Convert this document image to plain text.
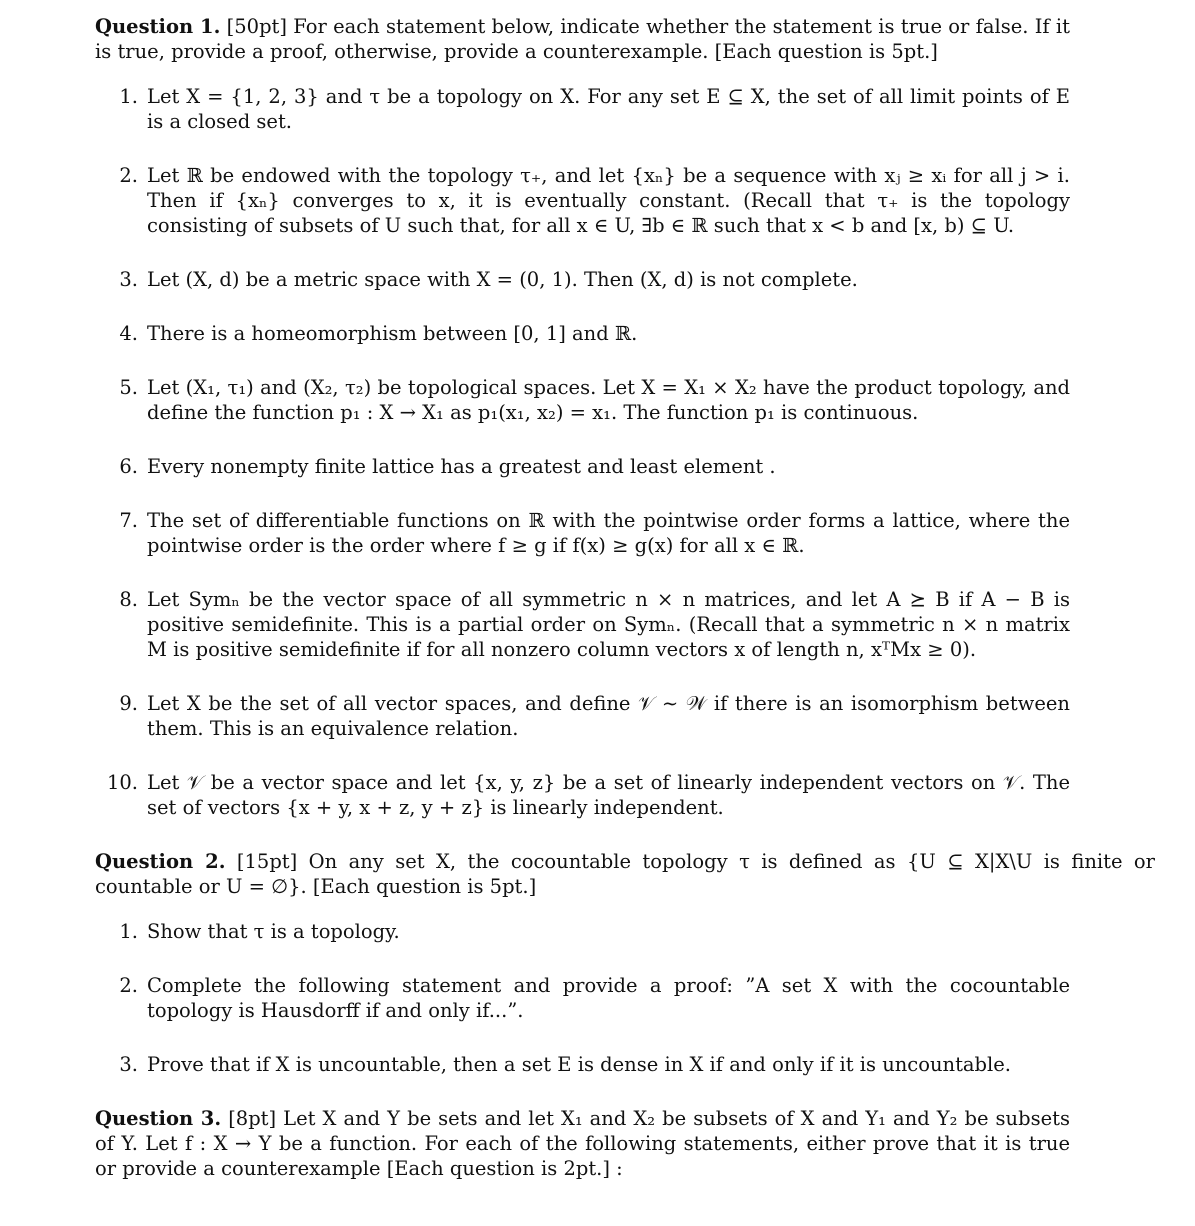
Question 1. [50pt] For each statement below, indicate whether the statement is true or false. If it is true, provide a proof, otherwise, provide a counterexample. [Each question is 5pt.]

1. Let X = {1, 2, 3} and τ be a topology on X. For any set E ⊆ X, the set of all limit points of E is a closed set.
2. Let ℝ be endowed with the topology τ₊, and let {xₙ} be a sequence with xⱼ ≥ xᵢ for all j > i. Then if {xₙ} converges to x, it is eventually constant. (Recall that τ₊ is the topology consisting of subsets of U such that, for all x ∈ U, ∃b ∈ ℝ such that x < b and [x, b) ⊆ U.
3. Let (X, d) be a metric space with X = (0, 1). Then (X, d) is not complete.
4. There is a homeomorphism between [0, 1] and ℝ.
5. Let (X₁, τ₁) and (X₂, τ₂) be topological spaces. Let X = X₁ × X₂ have the product topology, and define the function p₁ : X → X₁ as p₁(x₁, x₂) = x₁. The function p₁ is continuous.
6. Every nonempty finite lattice has a greatest and least element .
7. The set of differentiable functions on ℝ with the pointwise order forms a lattice, where the pointwise order is the order where f ≥ g if f(x) ≥ g(x) for all x ∈ ℝ.
8. Let Symₙ be the vector space of all symmetric n × n matrices, and let A ⪰ B if A − B is positive semidefinite. This is a partial order on Symₙ. (Recall that a symmetric n × n matrix M is positive semidefinite if for all nonzero column vectors x of length n, xᵀMx ≥ 0).
9. Let X be the set of all vector spaces, and define 𝒱 ∼ 𝒲 if there is an isomorphism between them. This is an equivalence relation.
10. Let 𝒱 be a vector space and let {x, y, z} be a set of linearly independent vectors on 𝒱. The set of vectors {x + y, x + z, y + z} is linearly independent.

Question 2. [15pt] On any set X, the cocountable topology τ is defined as {U ⊆ X|X\U is finite or countable or U = ∅}. [Each question is 5pt.]

1. Show that τ is a topology.
2. Complete the following statement and provide a proof: ”A set X with the cocountable topology is Hausdorff if and only if...”.
3. Prove that if X is uncountable, then a set E is dense in X if and only if it is uncountable.

Question 3. [8pt] Let X and Y be sets and let X₁ and X₂ be subsets of X and Y₁ and Y₂ be subsets of Y. Let f : X → Y be a function. For each of the following statements, either prove that it is true or provide a counterexample [Each question is 2pt.] :
